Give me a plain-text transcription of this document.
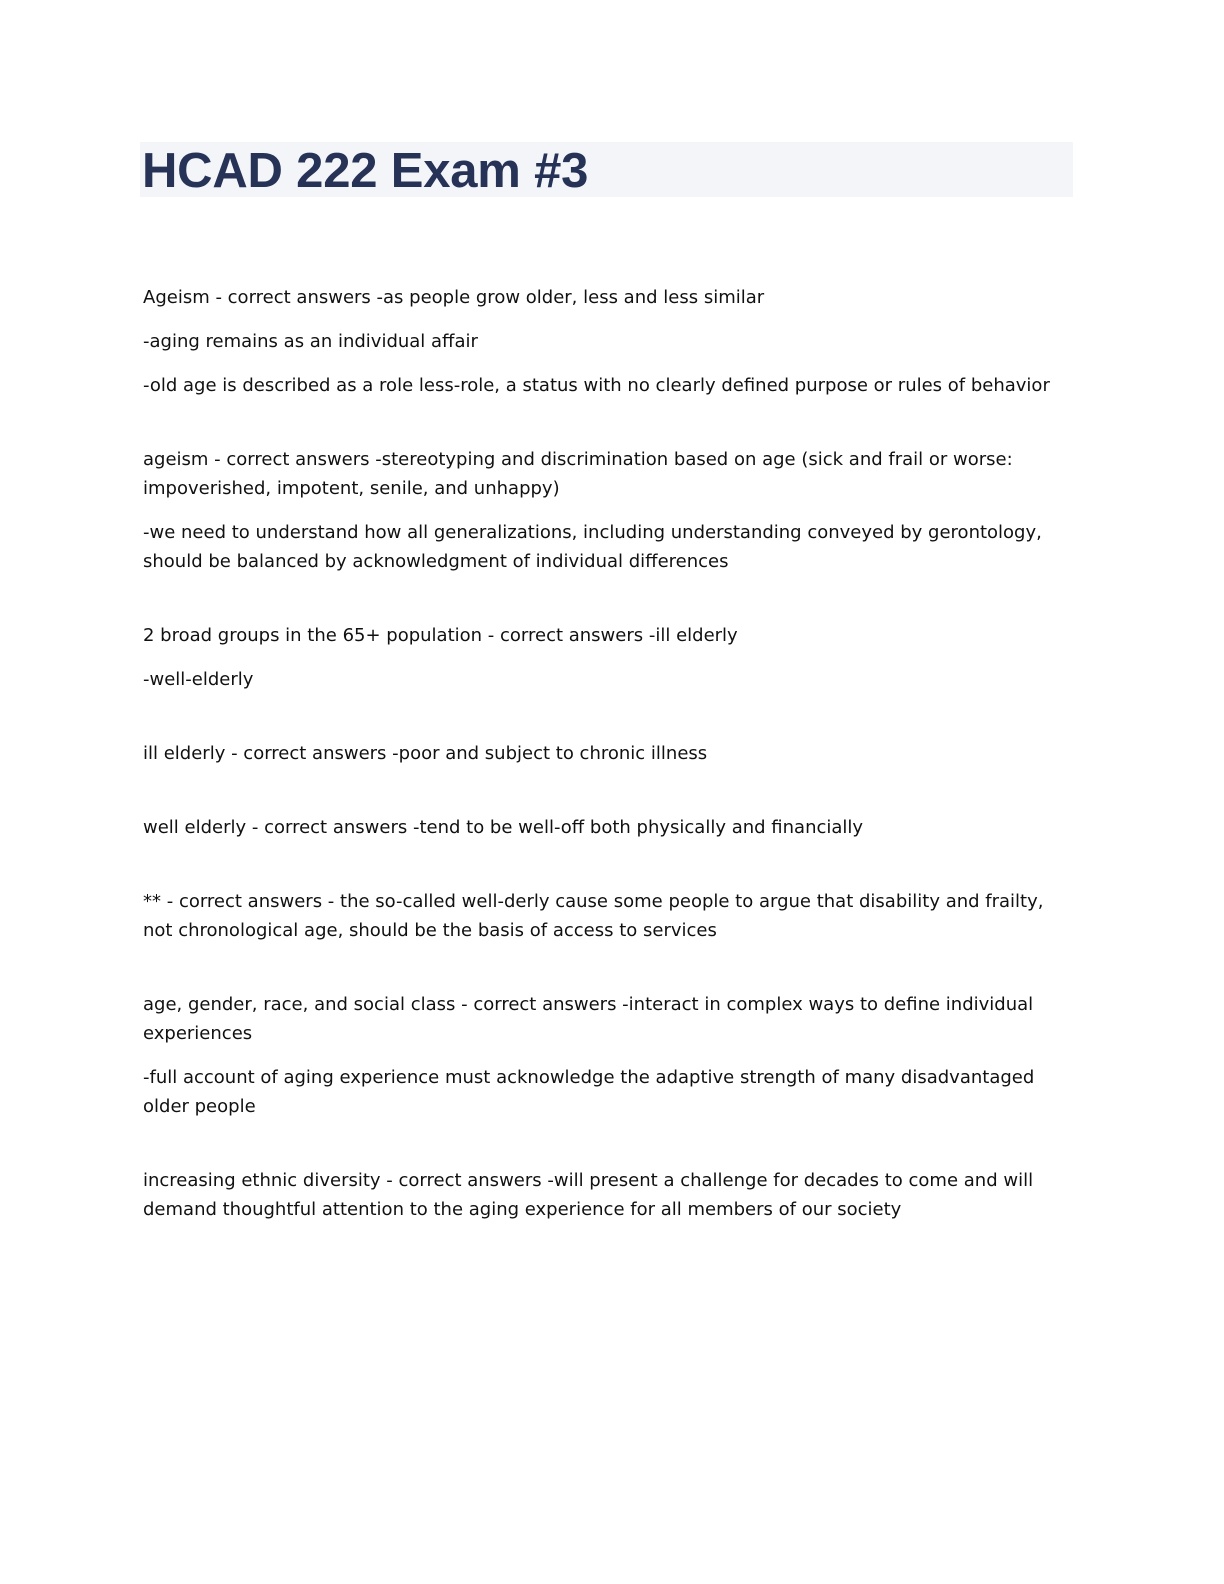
HCAD 222 Exam #3

Ageism - correct answers -as people grow older, less and less similar

-aging remains as an individual affair

-old age is described as a role less-role, a status with no clearly defined purpose or rules of behavior

ageism - correct answers -stereotyping and discrimination based on age (sick and frail or worse: impoverished, impotent, senile, and unhappy)

-we need to understand how all generalizations, including understanding conveyed by gerontology, should be balanced by acknowledgment of individual differences

2 broad groups in the 65+ population - correct answers -ill elderly

-well-elderly

ill elderly - correct answers -poor and subject to chronic illness

well elderly - correct answers -tend to be well-off both physically and financially

** - correct answers - the so-called well-derly cause some people to argue that disability and frailty, not chronological age, should be the basis of access to services

age, gender, race, and social class - correct answers -interact in complex ways to define individual experiences

-full account of aging experience must acknowledge the adaptive strength of many disadvantaged older people

increasing ethnic diversity - correct answers -will present a challenge for decades to come and will demand thoughtful attention to the aging experience for all members of our society
